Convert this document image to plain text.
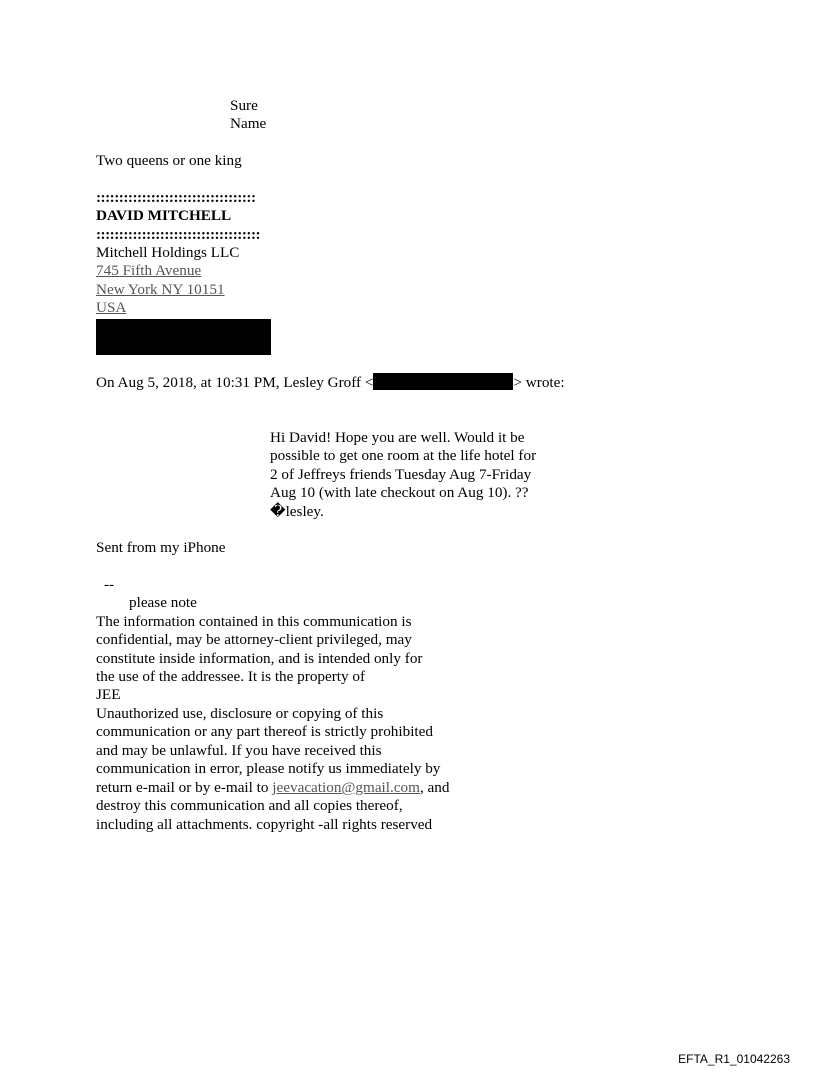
Sure
Name
Two queens or one king
:::::::::::::::::::::::::::::::::::
DAVID MITCHELL
::::::::::::::::::::::::::::::::::::
Mitchell Holdings LLC
745 Fifth Avenue
New York NY 10151
USA
On Aug 5, 2018, at 10:31 PM, Lesley Groff <	> wrote:
Hi David! Hope you are well. Would it be
possible to get one room at the life hotel for
2 of Jeffreys friends Tuesday Aug 7-Friday
Aug 10 (with late checkout on Aug 10). ??
�lesley.
Sent from my iPhone
--
please note
The information contained in this communication is
confidential, may be attorney-client privileged, may
constitute inside information, and is intended only for
the use of the addressee. It is the property of
JEE
Unauthorized use, disclosure or copying of this
communication or any part thereof is strictly prohibited
and may be unlawful. If you have received this
communication in error, please notify us immediately by
return e-mail or by e-mail to jeevacation@gmail.com, and
destroy this communication and all copies thereof,
including all attachments. copyright -all rights reserved
EFTA_R1_01042263
